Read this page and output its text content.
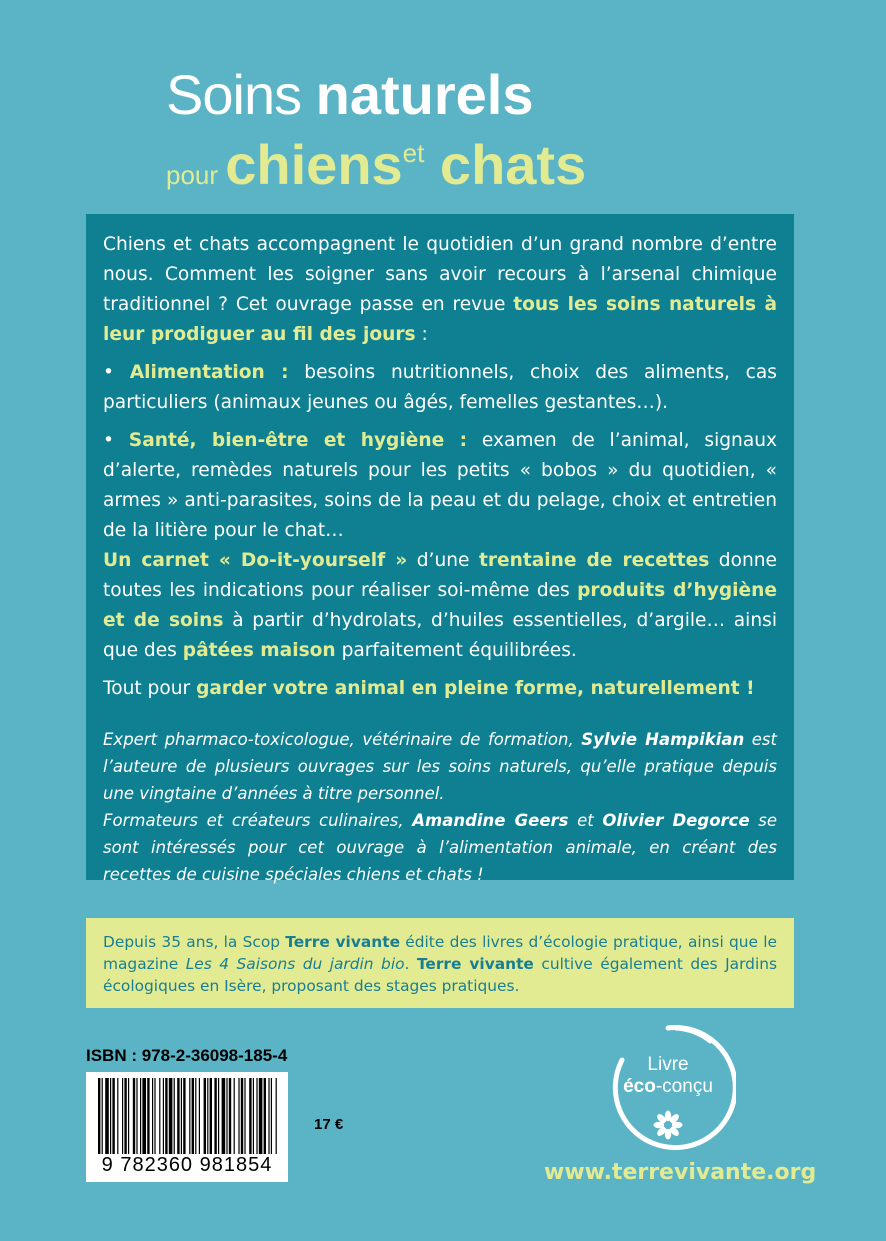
Soins naturels
pour chienset chats

Chiens et chats accompagnent le quotidien d’un grand nombre d’entre nous. Comment les soigner sans avoir recours à l’arsenal chimique traditionnel ? Cet ouvrage passe en revue tous les soins naturels à leur prodiguer au fil des jours :

• Alimentation : besoins nutritionnels, choix des aliments, cas particuliers (animaux jeunes ou âgés, femelles gestantes…).

• Santé, bien-être et hygiène : examen de l’animal, signaux d’alerte, remèdes naturels pour les petits « bobos » du quotidien, « armes » anti-parasites, soins de la peau et du pelage, choix et entretien de la litière pour le chat…

Un carnet « Do-it-yourself » d’une trentaine de recettes donne toutes les indications pour réaliser soi-même des produits d’hygiène et de soins à partir d’hydrolats, d’huiles essentielles, d’argile… ainsi que des pâtées maison parfaitement équilibrées.

Tout pour garder votre animal en pleine forme, naturellement !

Expert pharmaco-toxicologue, vétérinaire de formation, Sylvie Hampikian est l’auteure de plusieurs ouvrages sur les soins naturels, qu’elle pratique depuis une vingtaine d’années à titre personnel.

Formateurs et créateurs culinaires, Amandine Geers et Olivier Degorce se sont intéressés pour cet ouvrage à l’alimentation animale, en créant des recettes de cuisine spéciales chiens et chats !

Depuis 35 ans, la Scop Terre vivante édite des livres d’écologie pratique, ainsi que le magazine Les 4 Saisons du jardin bio. Terre vivante cultive également des Jardins écologiques en Isère, proposant des stages pratiques.

ISBN : 978-2-36098-185-4
9 782360 981854
17 €
Livre
éco-conçu
www.terrevivante.org
